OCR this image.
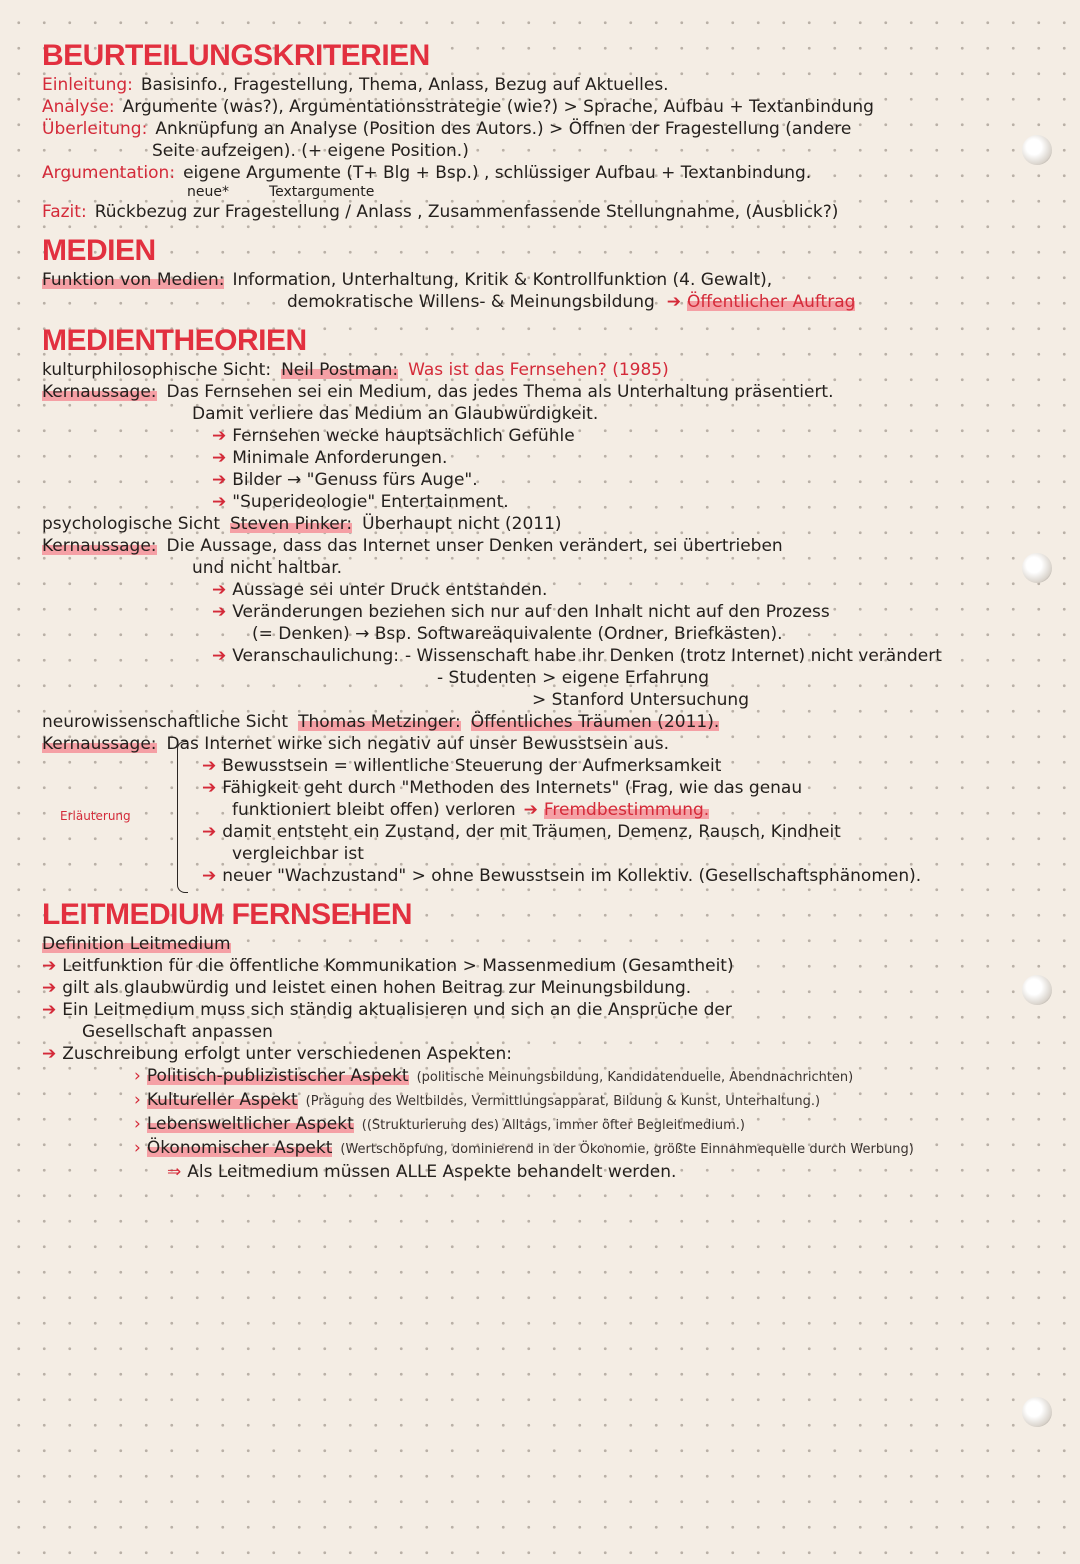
BEURTEILUNGSKRITERIEN
Einleitung: Basisinfo., Fragestellung, Thema, Anlass, Bezug auf Aktuelles.
Analyse: Argumente (was?), Argumentationsstrategie (wie?) > Sprache, Aufbau + Textanbindung
Überleitung: Anknüpfung an Analyse (Position des Autors.) > Öffnen der Fragestellung (andere
Seite aufzeigen). (+ eigene Position.)
Argumentation: eigene Argumente (T+ Blg + Bsp.) , schlüssiger Aufbau + Textanbindung.
neue*	Textargumente
Fazit: Rückbezug zur Fragestellung / Anlass , Zusammenfassende Stellungnahme, (Ausblick?)
MEDIEN
Funktion von Medien: Information, Unterhaltung, Kritik & Kontrollfunktion (4. Gewalt),
demokratische Willens- & Meinungsbildung ➔ Öffentlicher Auftrag
MEDIENTHEORIEN
kulturphilosophische Sicht: Neil Postman: Was ist das Fernsehen? (1985)
Kernaussage: Das Fernsehen sei ein Medium, das jedes Thema als Unterhaltung präsentiert.
Damit verliere das Medium an Glaubwürdigkeit.
➔ Fernsehen wecke hauptsächlich Gefühle
➔ Minimale Anforderungen.
➔ Bilder → "Genuss fürs Auge".
➔ "Superideologie" Entertainment.
psychologische Sicht Steven Pinker: Überhaupt nicht (2011)
Kernaussage: Die Aussage, dass das Internet unser Denken verändert, sei übertrieben
und nicht haltbar.
➔ Aussage sei unter Druck entstanden.
➔ Veränderungen beziehen sich nur auf den Inhalt nicht auf den Prozess
(= Denken) → Bsp. Softwareäquivalente (Ordner, Briefkästen).
➔ Veranschaulichung: - Wissenschaft habe ihr Denken (trotz Internet) nicht verändert
- Studenten > eigene Erfahrung
> Stanford Untersuchung
neurowissenschaftliche Sicht Thomas Metzinger: Öffentliches Träumen (2011).
Kernaussage: Das Internet wirke sich negativ auf unser Bewusstsein aus.
Erläuterung
➔ Bewusstsein = willentliche Steuerung der Aufmerksamkeit
➔ Fähigkeit geht durch "Methoden des Internets" (Frag, wie das genau
funktioniert bleibt offen) verloren ➔ Fremdbestimmung.
➔ damit entsteht ein Zustand, der mit Träumen, Demenz, Rausch, Kindheit
vergleichbar ist
➔ neuer "Wachzustand" > ohne Bewusstsein im Kollektiv. (Gesellschaftsphänomen).
LEITMEDIUM FERNSEHEN
Definition Leitmedium
➔ Leitfunktion für die öffentliche Kommunikation > Massenmedium (Gesamtheit)
➔ gilt als glaubwürdig und leistet einen hohen Beitrag zur Meinungsbildung.
➔ Ein Leitmedium muss sich ständig aktualisieren und sich an die Ansprüche der
Gesellschaft anpassen
➔ Zuschreibung erfolgt unter verschiedenen Aspekten:
› Politisch-publizistischer Aspekt (politische Meinungsbildung, Kandidatenduelle, Abendnachrichten)
› Kultureller Aspekt (Prägung des Weltbildes, Vermittlungsapparat, Bildung & Kunst, Unterhaltung.)
› Lebensweltlicher Aspekt ((Strukturierung des) Alltags, immer öfter Begleitmedium.)
› Ökonomischer Aspekt (Wertschöpfung, dominierend in der Ökonomie, größte Einnahmequelle durch Werbung)
⇒ Als Leitmedium müssen ALLE Aspekte behandelt werden.
